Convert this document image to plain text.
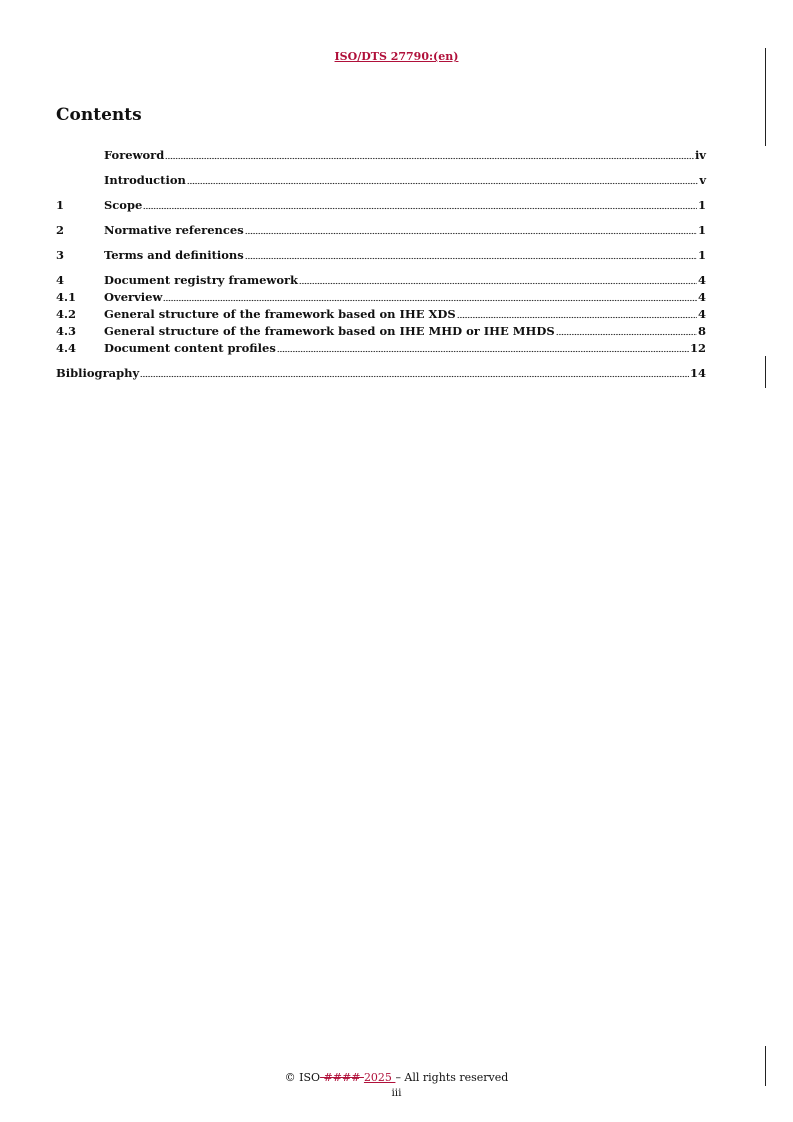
ISO/DTS 27790:(en)
Contents
Foreword	iv
Introduction	v
1	Scope	1
2	Normative references	1
3	Terms and definitions	1
4	Document registry framework	4
4.1	Overview	4
4.2	General structure of the framework based on IHE XDS	4
4.3	General structure of the framework based on IHE MHD or IHE MHDS	8
4.4	Document content profiles	12
Bibliography	14
© ISO #### 2025 – All rights reserved
iii
